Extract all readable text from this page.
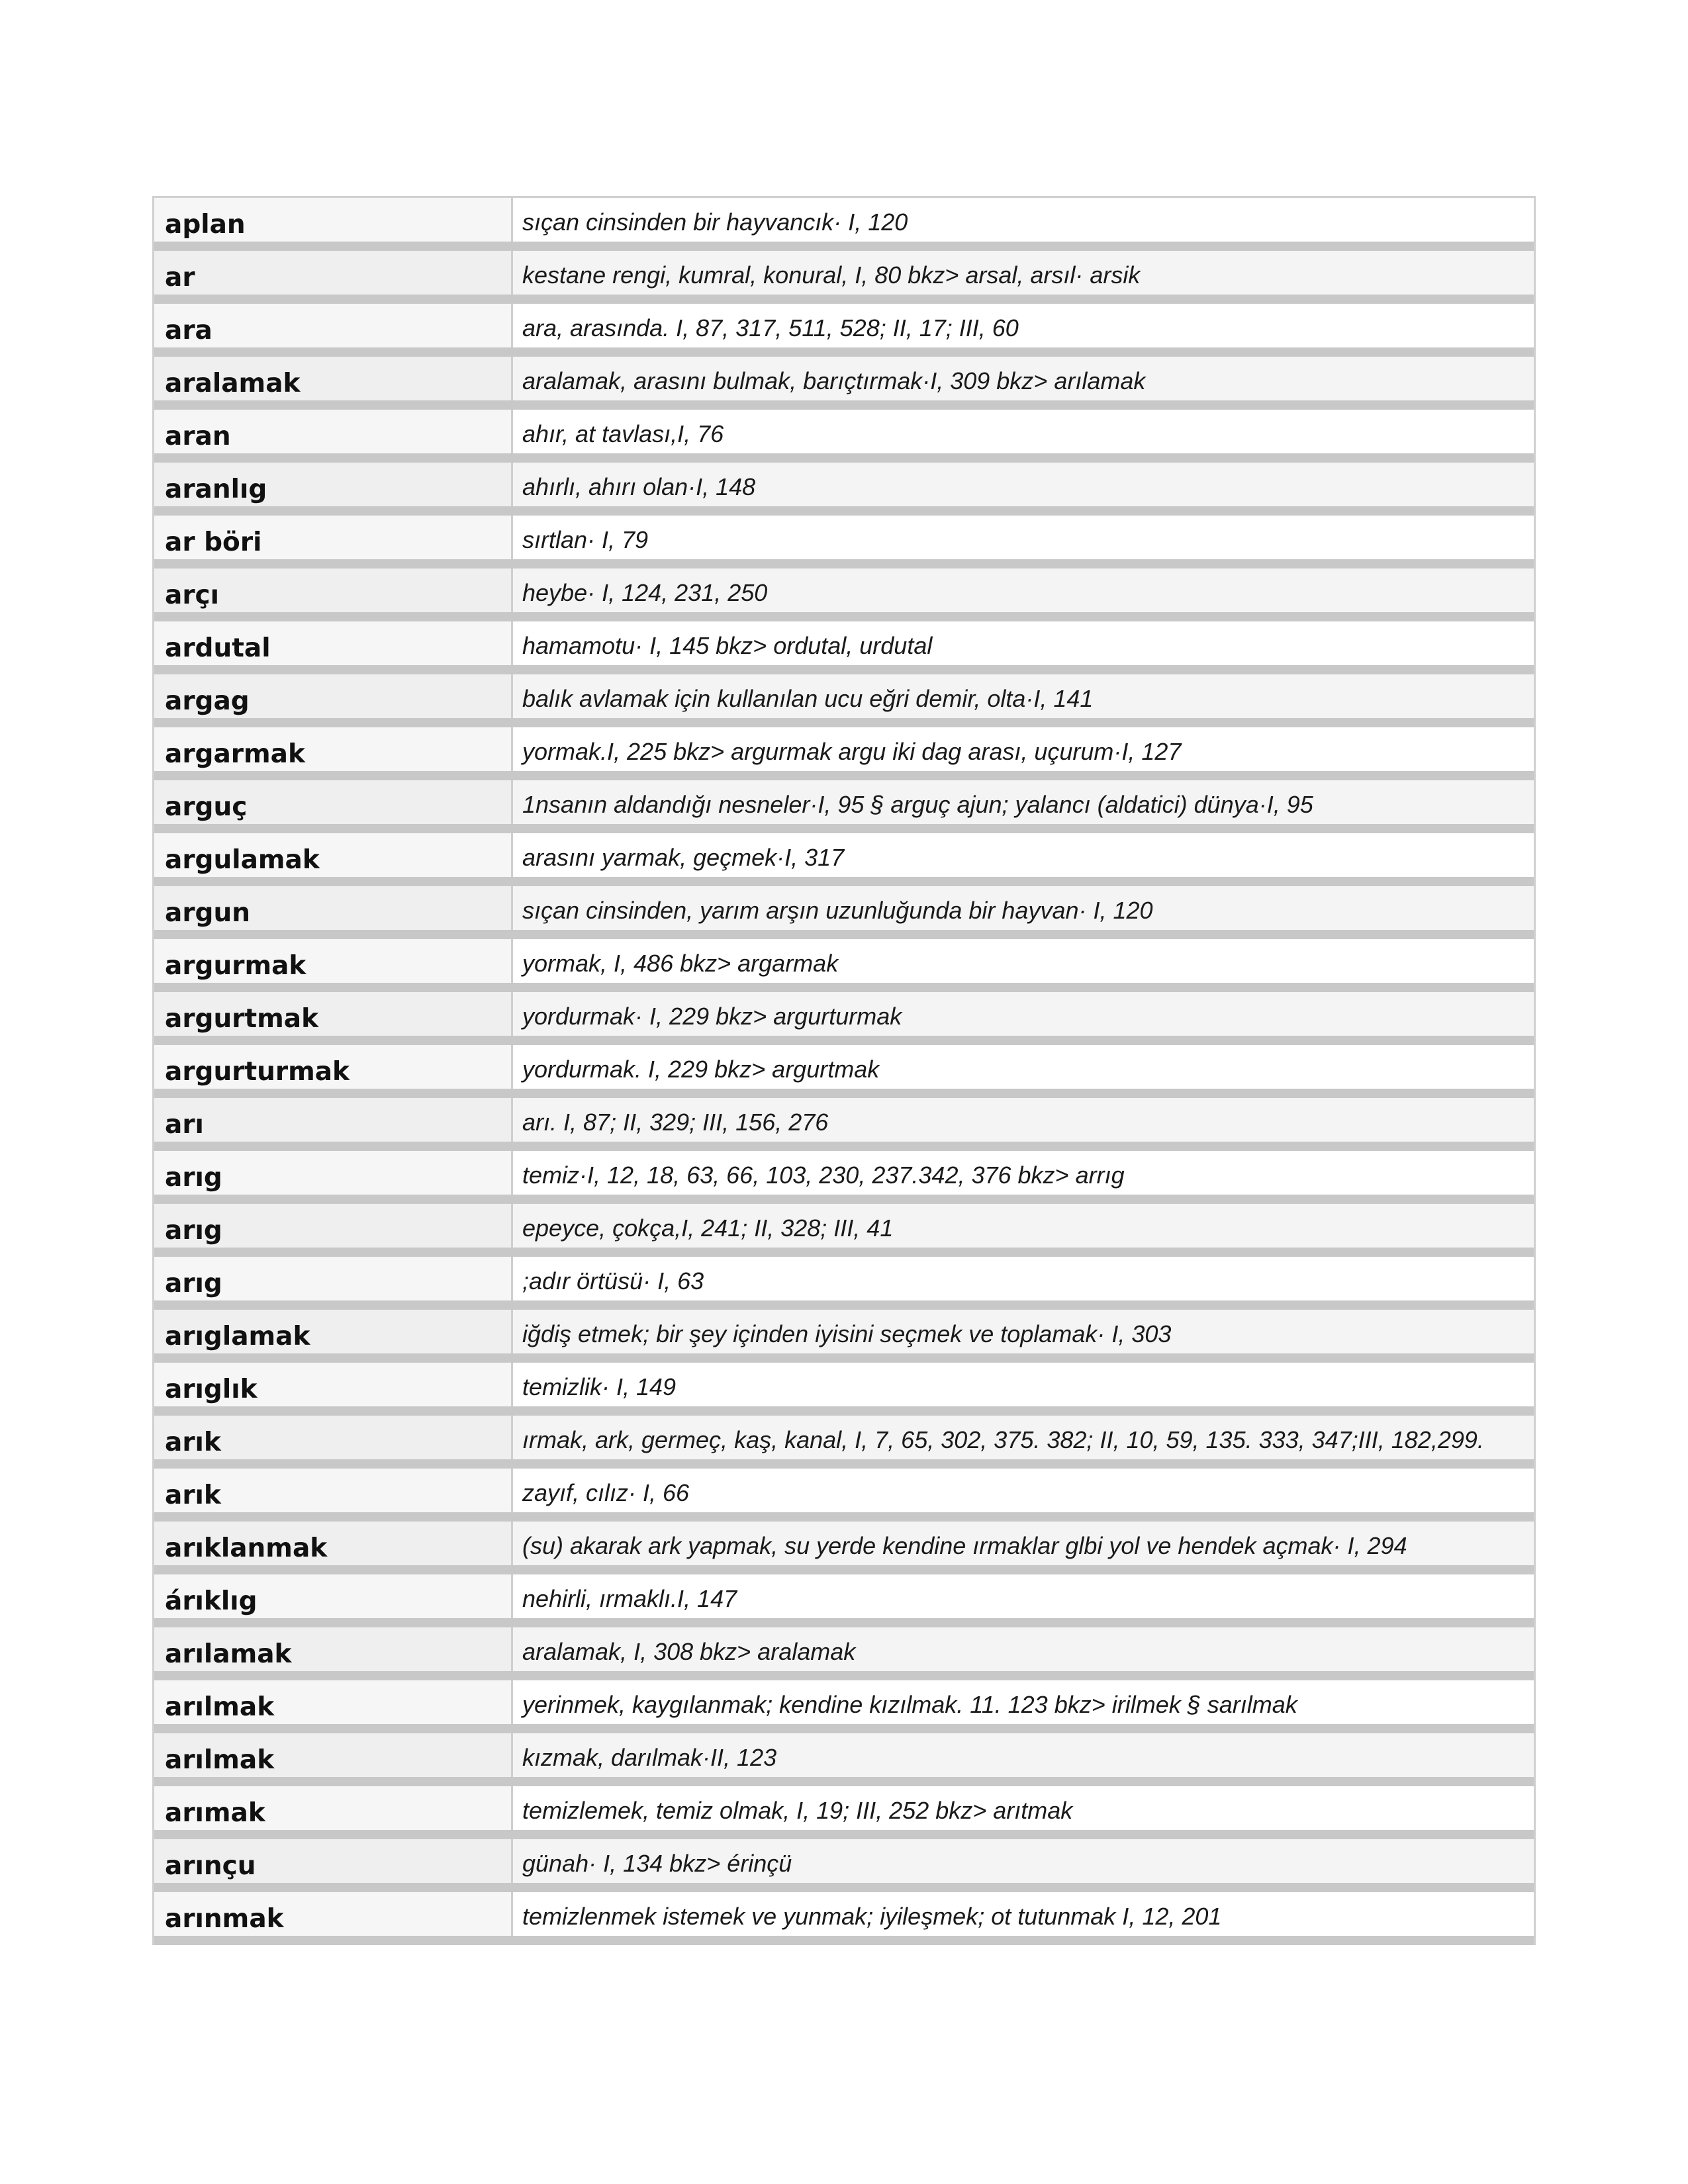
aplan	sıçan cinsinden bir hayvancık· I, 120
ar	kestane rengi, kumral, konural, I, 80 bkz> arsal, arsıl· arsik
ara	ara, arasında. I, 87, 317, 511, 528; II, 17; III, 60
aralamak	aralamak, arasını bulmak, barıçtırmak·I, 309 bkz> arılamak
aran	ahır, at tavlası,I, 76
aranlıg	ahırlı, ahırı olan·I, 148
ar böri	sırtlan· I, 79
arçı	heybe· I, 124, 231, 250
ardutal	hamamotu· I, 145 bkz> ordutal, urdutal
argag	balık avlamak için kullanılan ucu eğri demir, olta·I, 141
argarmak	yormak.I, 225 bkz> argurmak argu iki dag arası, uçurum·I, 127
arguç	1nsanın aldandığı nesneler·I, 95 § arguç ajun; yalancı (aldatici) dünya·I, 95
argulamak	arasını yarmak, geçmek·I, 317
argun	sıçan cinsinden, yarım arşın uzunluğunda bir hayvan· I, 120
argurmak	yormak, I, 486 bkz> argarmak
argurtmak	yordurmak· I, 229 bkz> argurturmak
argurturmak	yordurmak. I, 229 bkz> argurtmak
arı	arı. I, 87; II, 329; III, 156, 276
arıg	temiz·I, 12, 18, 63, 66, 103, 230, 237.342, 376 bkz> arrıg
arıg	epeyce, çokça,I, 241; II, 328; III, 41
arıg	;adır örtüsü· I, 63
arıglamak	iğdiş etmek; bir şey içinden iyisini seçmek ve toplamak· I, 303
arıglık	temizlik· I, 149
arık	ırmak, ark, germeç, kaş, kanal, I, 7, 65, 302, 375. 382; II, 10, 59, 135. 333, 347;III, 182,299.
arık	zayıf, cılız· I, 66
arıklanmak	(su) akarak ark yapmak, su yerde kendine ırmaklar glbi yol ve hendek açmak· I, 294
árıklıg	nehirli, ırmaklı.I, 147
arılamak	aralamak, I, 308 bkz> aralamak
arılmak	yerinmek, kaygılanmak; kendine kızılmak. 11. 123 bkz> irilmek § sarılmak
arılmak	kızmak, darılmak·II, 123
arımak	temizlemek, temiz olmak, I, 19; III, 252 bkz> arıtmak
arınçu	günah· I, 134 bkz> érinçü
arınmak	temizlenmek istemek ve yunmak; iyileşmek; ot tutunmak I, 12, 201
